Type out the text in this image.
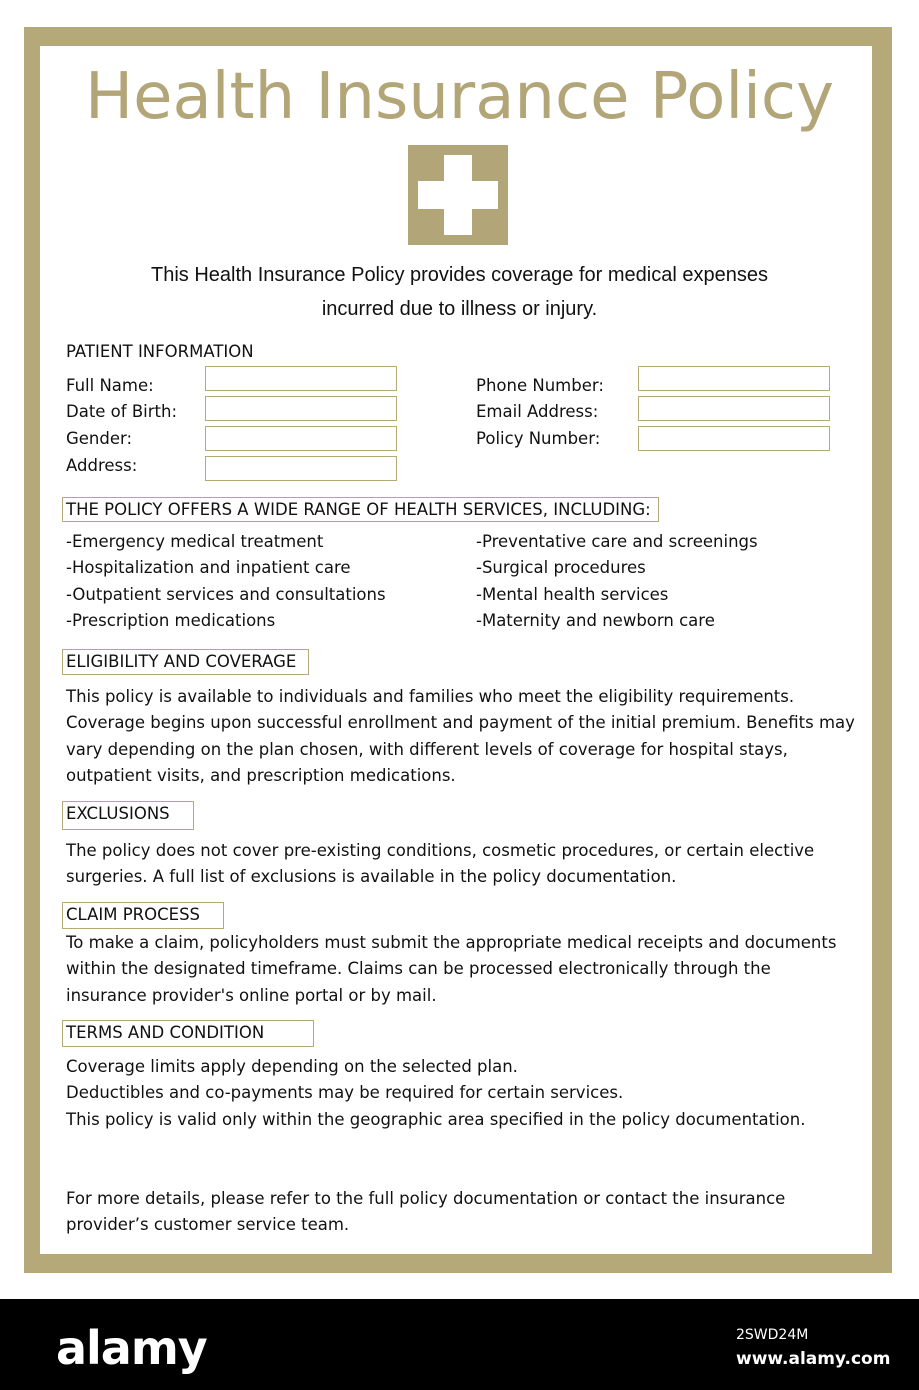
Health Insurance Policy
This Health Insurance Policy provides coverage for medical expenses
incurred due to illness or injury.
PATIENT INFORMATION
Full Name:
Date of Birth:
Gender:
Address:
Phone Number:
Email Address:
Policy Number:
THE POLICY OFFERS A WIDE RANGE OF HEALTH SERVICES, INCLUDING:
-Emergency medical treatment
-Hospitalization and inpatient care
-Outpatient services and consultations
-Prescription medications
-Preventative care and screenings
-Surgical procedures
-Mental health services
-Maternity and newborn care
ELIGIBILITY AND COVERAGE

This policy is available to individuals and families who meet the eligibility requirements. Coverage begins upon successful enrollment and payment of the initial premium. Benefits may vary depending on the plan chosen, with different levels of coverage for hospital stays, outpatient visits, and prescription medications.

EXCLUSIONS

The policy does not cover pre-existing conditions, cosmetic procedures, or certain elective surgeries. A full list of exclusions is available in the policy documentation.

CLAIM PROCESS

To make a claim, policyholders must submit the appropriate medical receipts and documents within the designated timeframe. Claims can be processed electronically through the insurance provider's online portal or by mail.

TERMS AND CONDITION

Coverage limits apply depending on the selected plan.

Deductibles and co-payments may be required for certain services.

This policy is valid only within the geographic area specified in the policy documentation.

For more details, please refer to the full policy documentation or contact the insurance provider’s customer service team.

alamy	2SWD24M
www.alamy.com
